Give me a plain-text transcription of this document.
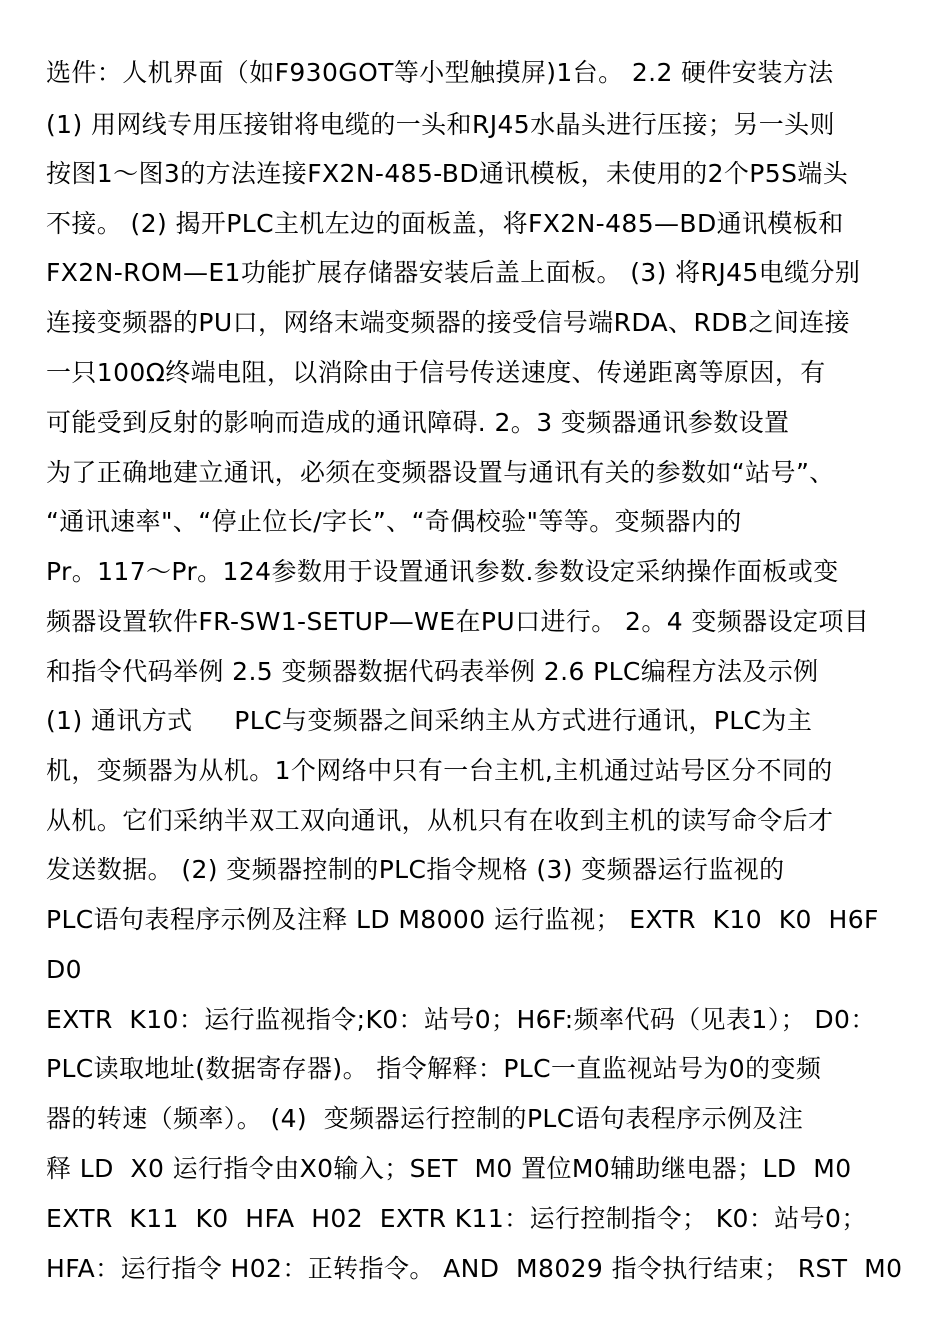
选件：人机界面（如F930GOT等小型触摸屏)1台。 2.2 硬件安装方法
(1) 用网线专用压接钳将电缆的一头和RJ45水晶头进行压接；另一头则
按图1～图3的方法连接FX2N-485-BD通讯模板，未使用的2个P5S端头
不接。 (2) 揭开PLC主机左边的面板盖，将FX2N-485—BD通讯模板和
FX2N-ROM—E1功能扩展存储器安装后盖上面板。 (3) 将RJ45电缆分别
连接变频器的PU口，网络末端变频器的接受信号端RDA、RDB之间连接
一只100Ω终端电阻，以消除由于信号传送速度、传递距离等原因，有
可能受到反射的影响而造成的通讯障碍. 2。3 变频器通讯参数设置
为了正确地建立通讯，必须在变频器设置与通讯有关的参数如“站号”、
“通讯速率"、“停止位长/字长”、“奇偶校验"等等。变频器内的
Pr。117～Pr。124参数用于设置通讯参数.参数设定采纳操作面板或变
频器设置软件FR-SW1-SETUP—WE在PU口进行。 2。4 变频器设定项目
和指令代码举例 2.5 变频器数据代码表举例 2.6 PLC编程方法及示例
(1) 通讯方式     PLC与变频器之间采纳主从方式进行通讯，PLC为主
机，变频器为从机。1个网络中只有一台主机,主机通过站号区分不同的
从机。它们采纳半双工双向通讯，从机只有在收到主机的读写命令后才
发送数据。 (2) 变频器控制的PLC指令规格 (3) 变频器运行监视的
PLC语句表程序示例及注释 LD M8000 运行监视； EXTR  K10  K0  H6F
D0
EXTR  K10：运行监视指令;K0：站号0；H6F:频率代码（见表1）； D0：
PLC读取地址(数据寄存器)。 指令解释：PLC一直监视站号为0的变频
器的转速（频率）。 (4)  变频器运行控制的PLC语句表程序示例及注
释 LD  X0 运行指令由X0输入；SET  M0 置位M0辅助继电器；LD  M0
EXTR  K11  K0  HFA  H02  EXTR K11：运行控制指令； K0：站号0；
HFA：运行指令 H02：正转指令。 AND  M8029 指令执行结束； RST  M0
